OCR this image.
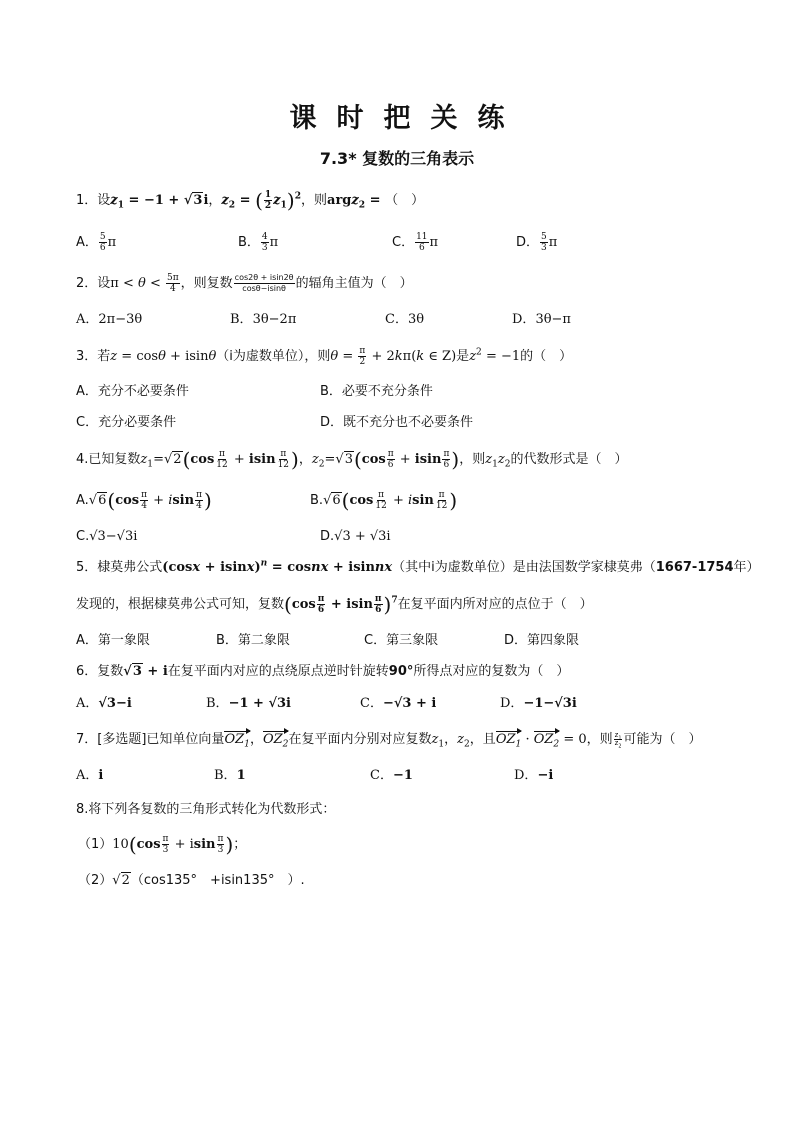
课时把关练
7.3* 复数的三角表示
1．设$z_1 = -1 + √3i$，$z_2$ = ( $\frac{1}{2} z_1)^2$，则argz$_2$ = （　）
A． $\frac{5}{6}$ π	B． $\frac{4}{3}$ π	C． $\frac{11}{6}$ π	D． $\frac{5}{3}$ π
2．设$\pi < \theta < \frac{5\pi}{4}$ ，则复数 $\frac{\cos 2\theta + isin2\theta}{\cos\theta-isin\theta}$ 的辐角主值为（　）
A．2π−3θ	B．3θ−2π	C．3θ	D．3θ−π
3．若z = cosθ + isinθ（i为虚数单位），则$\theta = \frac{\pi}{2} + 2k\pi(k$ ∈ Z)是$z^2 = -1$的（　）
A．充分不必要条件	B．必要不充分条件
C．充分必要条件	D．既不充分也不必要条件
4.已知复数$z_1=√2(\cos \frac{\pi}{12} + isin \frac{\pi}{12}$ )，$z_2=√3(\cos \frac{\pi}{6} + isin \frac{\pi}{6}$ )，则$z_1z_2$的代数形式是（　）
$A.√6(\cos \frac{\pi}{4} + isin \frac{\pi}{4}$ )	$B.√6(\cos \frac{\pi}{12} + isin \frac{\pi}{12}$ )
C.√3−√3i	D.√3 + √3i
5．棣莫弗公式$(\cos x + isinx)^n$ = cosnx + isinnx（其中i为虚数单位）是由法国数学家棣莫弗（1667-1754年）
发现的，根据棣莫弗公式可知，复数$(\cos \frac{\pi}{6} + isin \frac{\pi}{6} )^7$在复平面内所对应的点位于（　）
A．第一象限	B．第二象限	C．第三象限	D．第四象限
6．复数√3 + i在复平面内对应的点绕原点逆时针旋转90°所得点对应的复数为（　）
A．√3−i	B．−1 + √3i	C．−√3 + i	D．−1−√3i
7．[多选题]已知单位向量$OZ_1$，$OZ_2$在复平面内分别对应复数$z_1$，$z_2$，且$OZ_1 \cdot OZ_2 = 0$，则 $\frac{z_1}{z_2}$ 可能为（　）
A．i	B．1	C．−1	D．−i
8.将下列各复数的三角形式转化为代数形式：
$(1)10(\cos \frac{\pi}{3} + isin \frac{\pi}{3}$ )；
（2）√2（cos135°　+isin135°　）.
